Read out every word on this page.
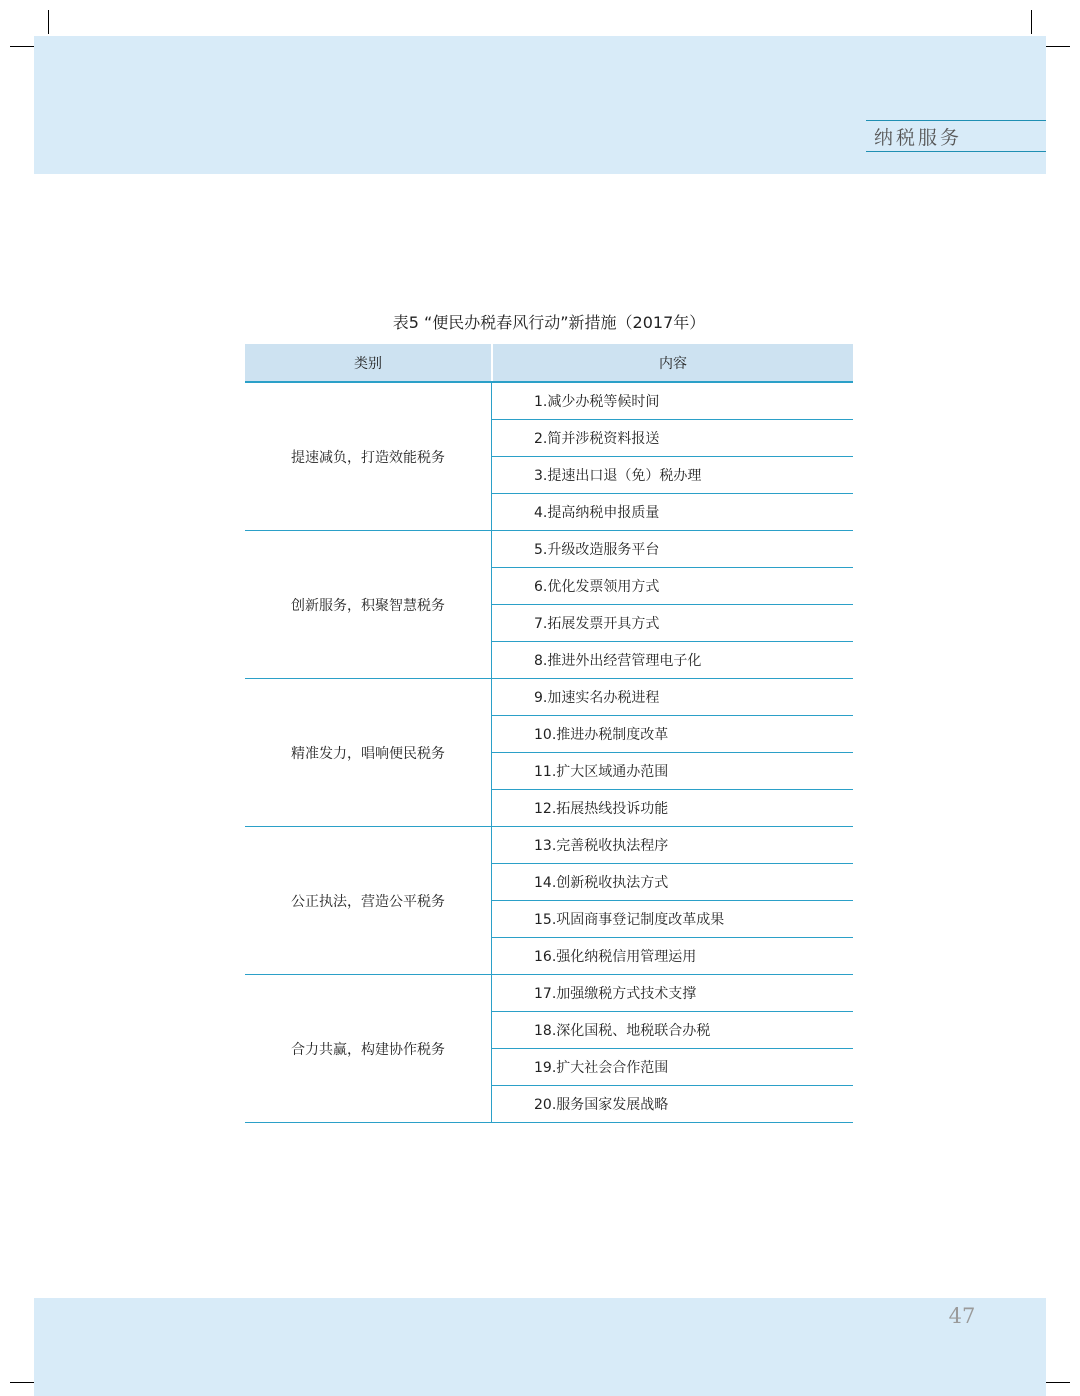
纳税服务
表5 “便民办税春风行动”新措施（2017年）
类别	内容
提速减负，打造效能税务
1.减少办税等候时间
2.简并涉税资料报送
3.提速出口退（免）税办理
4.提高纳税申报质量
创新服务，积聚智慧税务
5.升级改造服务平台
6.优化发票领用方式
7.拓展发票开具方式
8.推进外出经营管理电子化
精准发力，唱响便民税务
9.加速实名办税进程
10.推进办税制度改革
11.扩大区域通办范围
12.拓展热线投诉功能
公正执法，营造公平税务
13.完善税收执法程序
14.创新税收执法方式
15.巩固商事登记制度改革成果
16.强化纳税信用管理运用
合力共赢，构建协作税务
17.加强缴税方式技术支撑
18.深化国税、地税联合办税
19.扩大社会合作范围
20.服务国家发展战略
47
